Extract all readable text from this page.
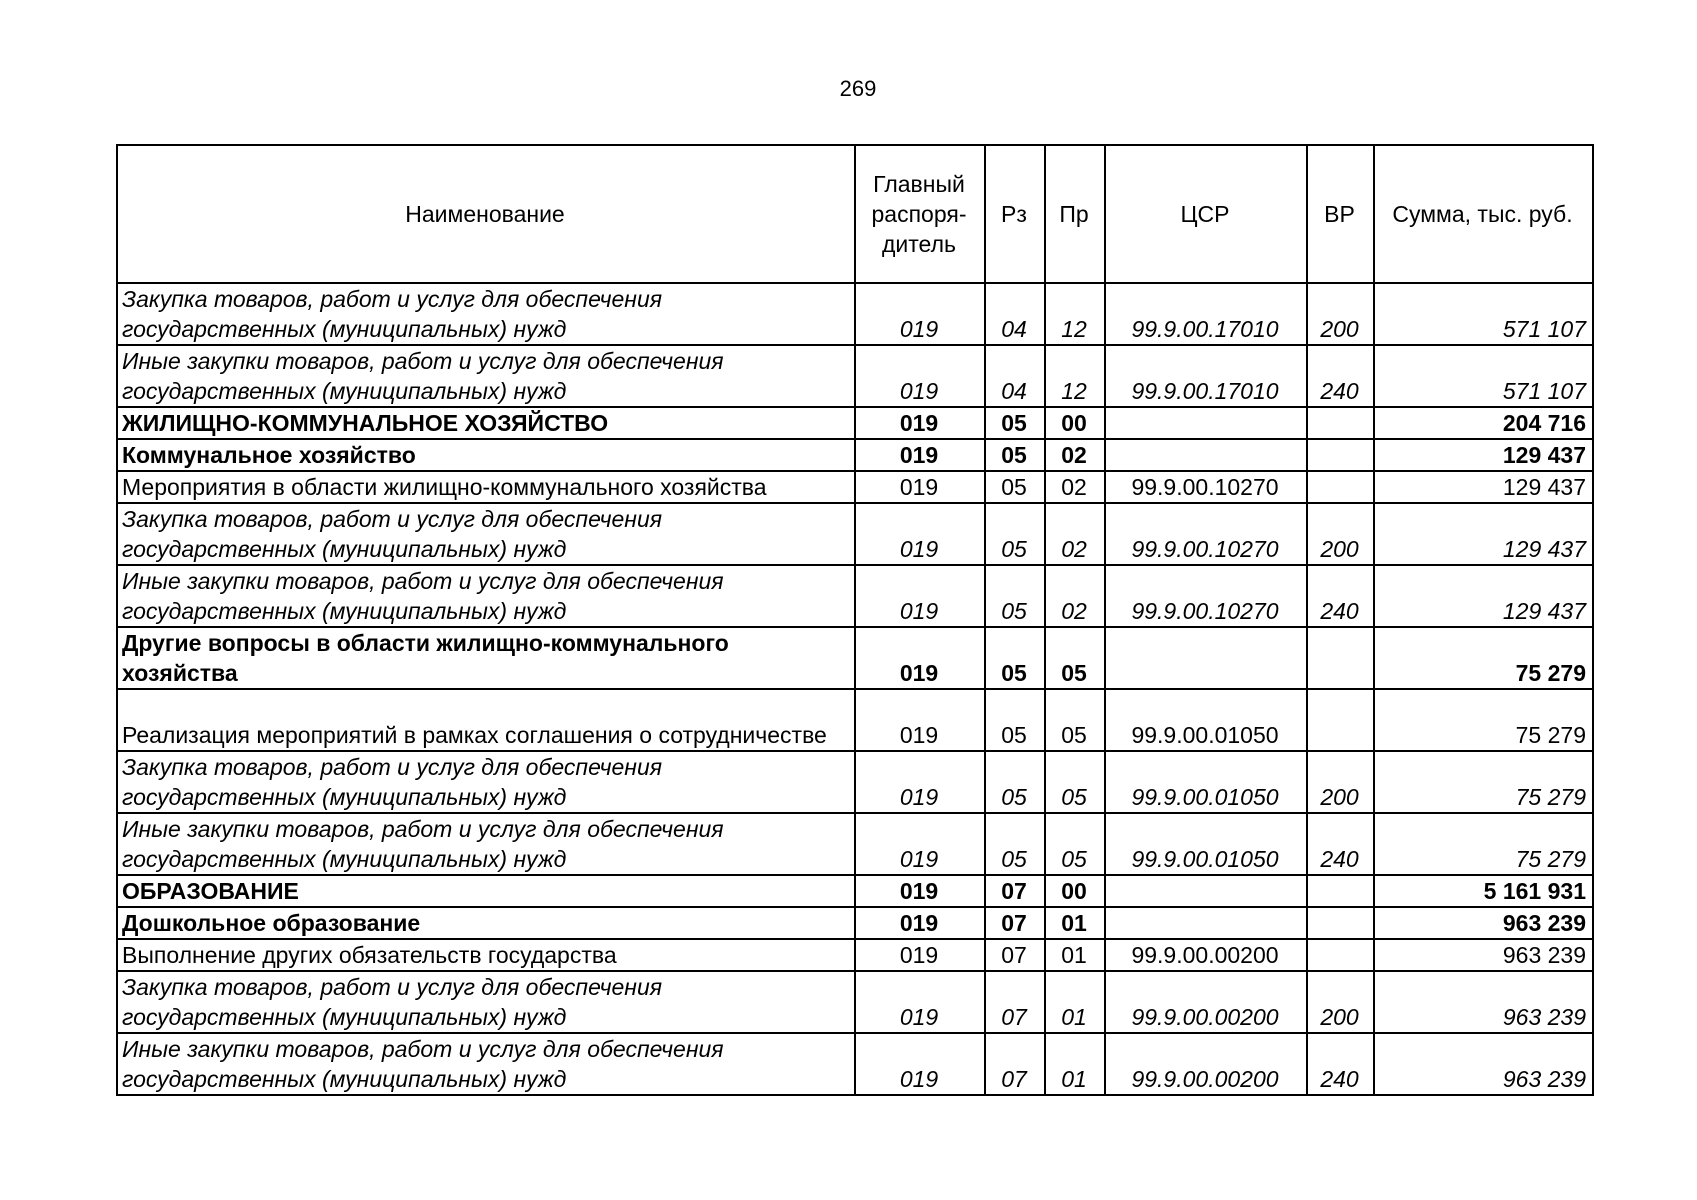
269
Наименование	Главный распоря-дитель	Рз	Пр	ЦСР	ВР	Сумма, тыс. руб.
Закупка товаров, работ и услуг для обеспечения государственных (муниципальных) нужд	019	04	12	99.9.00.17010	200	571 107
Иные закупки товаров, работ и услуг для обеспечения государственных (муниципальных) нужд	019	04	12	99.9.00.17010	240	571 107
ЖИЛИЩНО-КОММУНАЛЬНОЕ ХОЗЯЙСТВО	019	05	00			204 716
Коммунальное хозяйство	019	05	02			129 437
Мероприятия в области жилищно-коммунального хозяйства	019	05	02	99.9.00.10270		129 437
Закупка товаров, работ и услуг для обеспечения государственных (муниципальных) нужд	019	05	02	99.9.00.10270	200	129 437
Иные закупки товаров, работ и услуг для обеспечения государственных (муниципальных) нужд	019	05	02	99.9.00.10270	240	129 437
Другие вопросы в области жилищно-коммунального хозяйства	019	05	05			75 279
Реализация мероприятий в рамках соглашения о сотрудничестве	019	05	05	99.9.00.01050		75 279
Закупка товаров, работ и услуг для обеспечения государственных (муниципальных) нужд	019	05	05	99.9.00.01050	200	75 279
Иные закупки товаров, работ и услуг для обеспечения государственных (муниципальных) нужд	019	05	05	99.9.00.01050	240	75 279
ОБРАЗОВАНИЕ	019	07	00			5 161 931
Дошкольное образование	019	07	01			963 239
Выполнение других обязательств государства	019	07	01	99.9.00.00200		963 239
Закупка товаров, работ и услуг для обеспечения государственных (муниципальных) нужд	019	07	01	99.9.00.00200	200	963 239
Иные закупки товаров, работ и услуг для обеспечения государственных (муниципальных) нужд	019	07	01	99.9.00.00200	240	963 239
